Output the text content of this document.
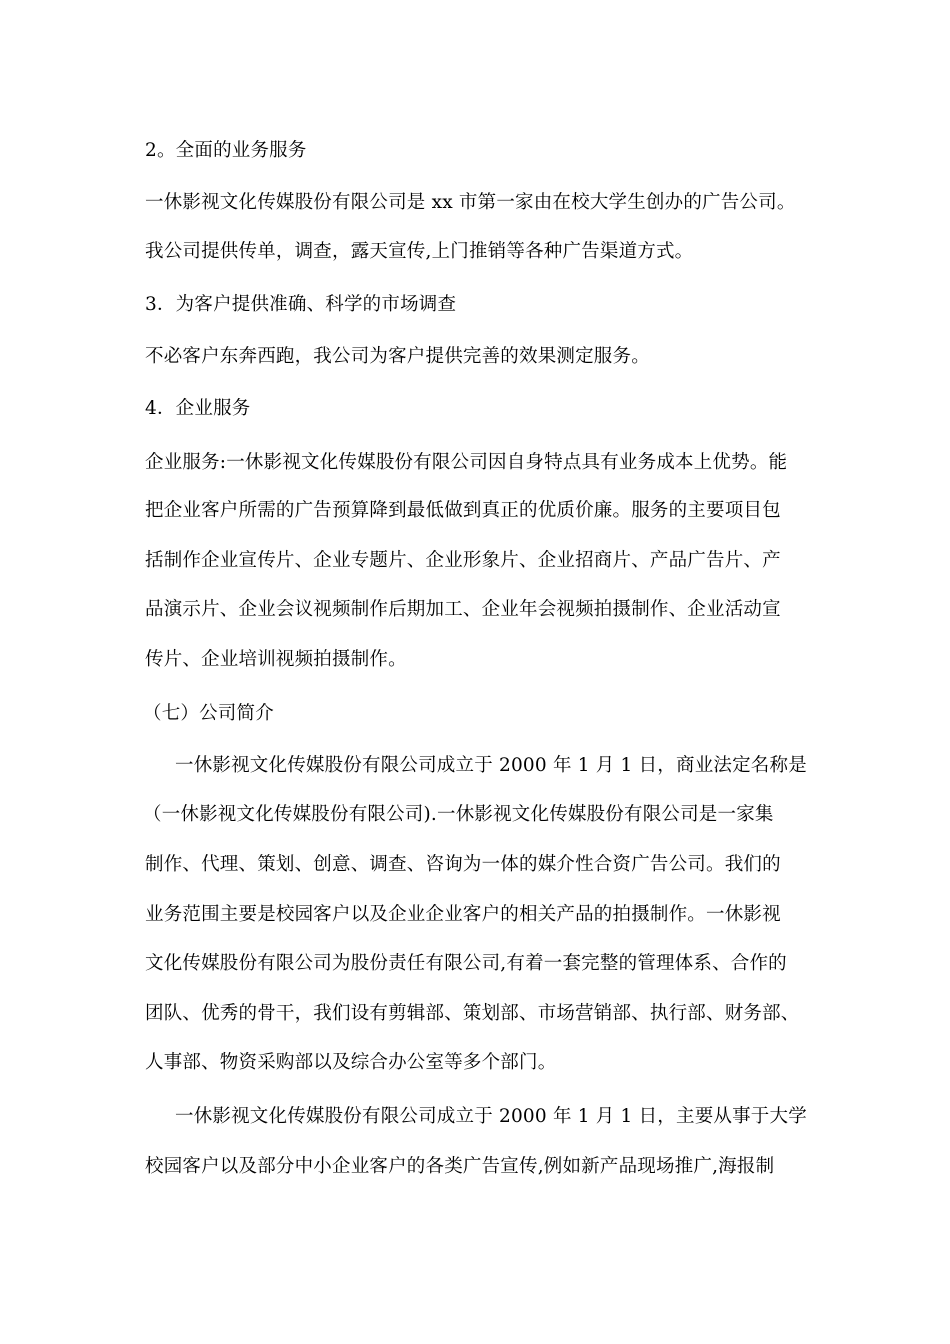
2。全面的业务服务
一休影视文化传媒股份有限公司是 xx 市第一家由在校大学生创办的广告公司。
我公司提供传单，调查，露天宣传,上门推销等各种广告渠道方式。
3．为客户提供准确、科学的市场调查
不必客户东奔西跑，我公司为客户提供完善的效果测定服务。
4．企业服务
企业服务:一休影视文化传媒股份有限公司因自身特点具有业务成本上优势。能
把企业客户所需的广告预算降到最低做到真正的优质价廉。服务的主要项目包
括制作企业宣传片、企业专题片、企业形象片、企业招商片、产品广告片、产
品演示片、企业会议视频制作后期加工、企业年会视频拍摄制作、企业活动宣
传片、企业培训视频拍摄制作。
（七）公司简介
一休影视文化传媒股份有限公司成立于 2000 年 1 月 1 日，商业法定名称是
（一休影视文化传媒股份有限公司).一休影视文化传媒股份有限公司是一家集
制作、代理、策划、创意、调查、咨询为一体的媒介性合资广告公司。我们的
业务范围主要是校园客户以及企业企业客户的相关产品的拍摄制作。一休影视
文化传媒股份有限公司为股份责任有限公司,有着一套完整的管理体系、合作的
团队、优秀的骨干，我们设有剪辑部、策划部、市场营销部、执行部、财务部、
人事部、物资采购部以及综合办公室等多个部门。
一休影视文化传媒股份有限公司成立于 2000 年 1 月 1 日，主要从事于大学
校园客户以及部分中小企业客户的各类广告宣传,例如新产品现场推广,海报制
